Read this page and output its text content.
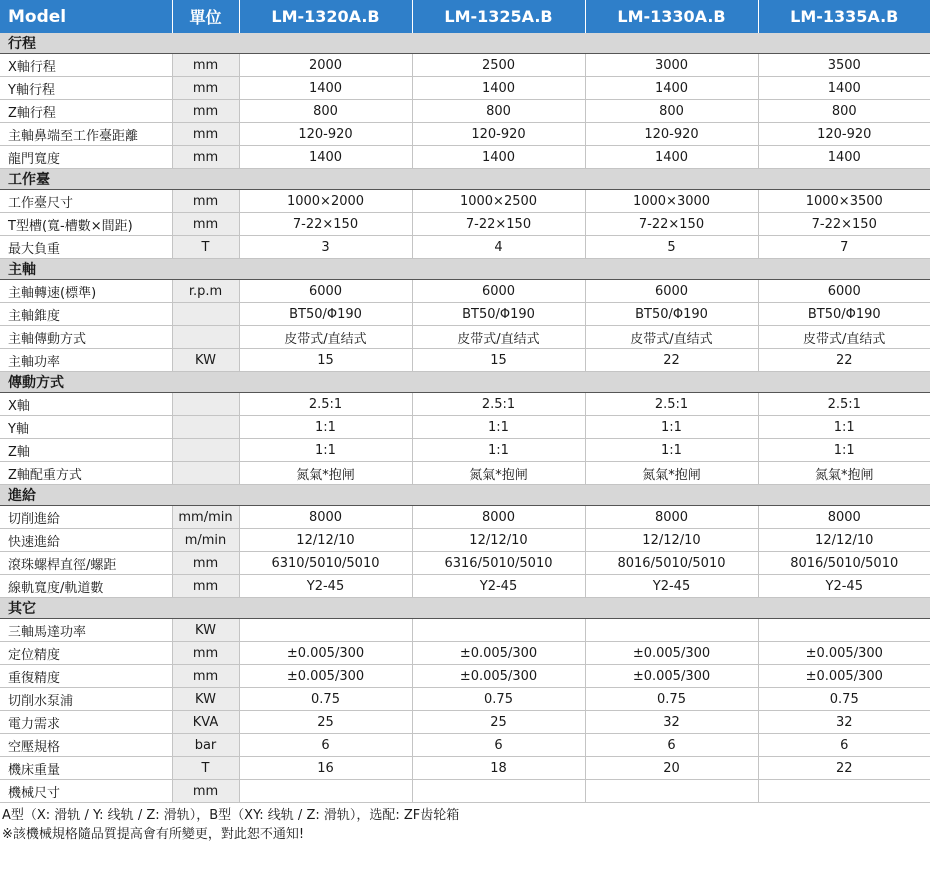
Model	單位	LM-1320A.B	LM-1325A.B	LM-1330A.B	LM-1335A.B
行程					
X軸行程	mm	2000	2500	3000	3500
Y軸行程	mm	1400	1400	1400	1400
Z軸行程	mm	800	800	800	800
主軸鼻端至工作臺距離	mm	120-920	120-920	120-920	120-920
龍門寬度	mm	1400	1400	1400	1400
工作臺					
工作臺尺寸	mm	1000×2000	1000×2500	1000×3000	1000×3500
T型槽(寬-槽數×間距)	mm	7-22×150	7-22×150	7-22×150	7-22×150
最大負重	T	3	4	5	7
主軸					
主軸轉速(標準)	r.p.m	6000	6000	6000	6000
主軸錐度		BT50/Φ190	BT50/Φ190	BT50/Φ190	BT50/Φ190
主軸傳動方式		皮带式/直结式	皮带式/直结式	皮带式/直结式	皮带式/直结式
主軸功率	KW	15	15	22	22
傳動方式					
X軸		2.5:1	2.5:1	2.5:1	2.5:1
Y軸		1:1	1:1	1:1	1:1
Z軸		1:1	1:1	1:1	1:1
Z軸配重方式		氮氣*抱闸	氮氣*抱闸	氮氣*抱闸	氮氣*抱闸
進給					
切削進給	mm/min	8000	8000	8000	8000
快速進給	m/min	12/12/10	12/12/10	12/12/10	12/12/10
滾珠螺桿直徑/螺距	mm	6310/5010/5010	6316/5010/5010	8016/5010/5010	8016/5010/5010
線軌寬度/軌道數	mm	Y2-45	Y2-45	Y2-45	Y2-45
其它					
三軸馬達功率	KW				
定位精度	mm	±0.005/300	±0.005/300	±0.005/300	±0.005/300
重復精度	mm	±0.005/300	±0.005/300	±0.005/300	±0.005/300
切削水泵浦	KW	0.75	0.75	0.75	0.75
電力需求	KVA	25	25	32	32
空壓規格	bar	6	6	6	6
機床重量	T	16	18	20	22
機械尺寸	mm				
A型（X: 滑轨 / Y: 线轨 / Z: 滑轨），B型（XY: 线轨 / Z: 滑轨），选配: ZF齿轮箱
※該機械規格隨品質提高會有所變更，對此恕不通知!
